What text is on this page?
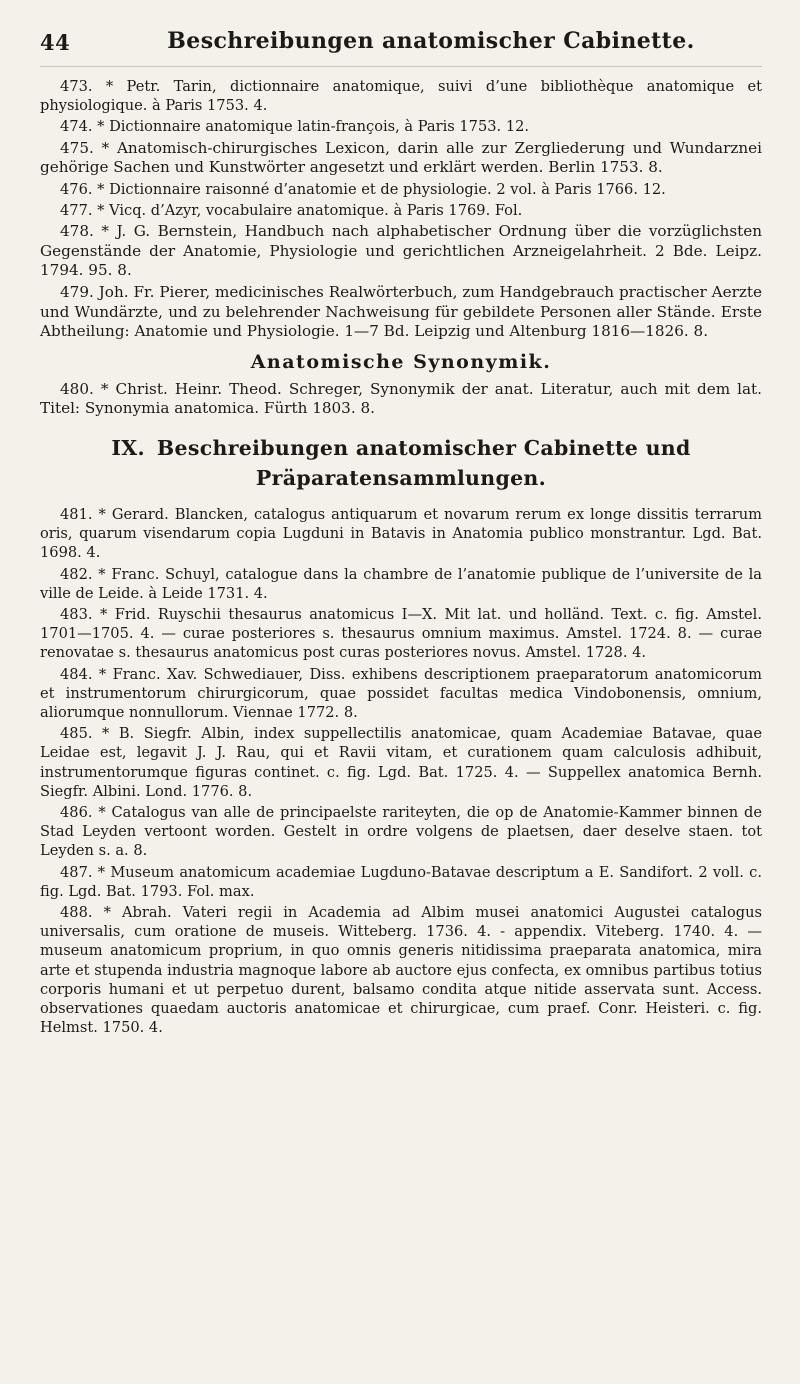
44	Beschreibungen anatomischer Cabinette.

473. * Petr. Tarin, dictionnaire anatomique, suivi d’une bibliothèque anatomique et physiologique. à Paris 1753. 4.

474. * Dictionnaire anatomique latin-françois, à Paris 1753. 12.

475. * Anatomisch-chirurgisches Lexicon, darin alle zur Zergliederung und Wundarznei gehörige Sachen und Kunstwörter angesetzt und erklärt werden. Berlin 1753. 8.

476. * Dictionnaire raisonné d’anatomie et de physiologie. 2 vol. à Paris 1766. 12.

477. * Vicq. d’Azyr, vocabulaire anatomique. à Paris 1769. Fol.

478. * J. G. Bernstein, Handbuch nach alphabetischer Ordnung über die vorzüglichsten Gegenstände der Anatomie, Physiologie und gerichtlichen Arzneigelahrheit. 2 Bde. Leipz. 1794. 95. 8.

479. Joh. Fr. Pierer, medicinisches Realwörterbuch, zum Handgebrauch practischer Aerzte und Wundärzte, und zu belehrender Nachweisung für gebildete Personen aller Stände. Erste Abtheilung: Anatomie und Physiologie. 1—7 Bd. Leipzig und Altenburg 1816—1826. 8.

Anatomische Synonymik.

480. * Christ. Heinr. Theod. Schreger, Synonymik der anat. Literatur, auch mit dem lat. Titel: Synonymia anatomica. Fürth 1803. 8.

IX. Beschreibungen anatomischer Cabinette und Präparatensammlungen.

481. * Gerard. Blancken, catalogus antiquarum et novarum rerum ex longe dissitis terrarum oris, quarum visendarum copia Lugduni in Batavis in Anatomia publico monstrantur. Lgd. Bat. 1698. 4.

482. * Franc. Schuyl, catalogue dans la chambre de l’anatomie publique de l’universite de la ville de Leide. à Leide 1731. 4.

483. * Frid. Ruyschii thesaurus anatomicus I—X. Mit lat. und holländ. Text. c. fig. Amstel. 1701—1705. 4. — curae posteriores s. thesaurus omnium maximus. Amstel. 1724. 8. — curae renovatae s. thesaurus anatomicus post curas posteriores novus. Amstel. 1728. 4.

484. * Franc. Xav. Schwediauer, Diss. exhibens descriptionem praeparatorum anatomicorum et instrumentorum chirurgicorum, quae possidet facultas medica Vindobonensis, omnium, aliorumque nonnullorum. Viennae 1772. 8.

485. * B. Siegfr. Albin, index suppellectilis anatomicae, quam Academiae Batavae, quae Leidae est, legavit J. J. Rau, qui et Ravii vitam, et curationem quam calculosis adhibuit, instrumentorumque figuras continet. c. fig. Lgd. Bat. 1725. 4. — Suppellex anatomica Bernh. Siegfr. Albini. Lond. 1776. 8.

486. * Catalogus van alle de principaelste rariteyten, die op de Anatomie-Kammer binnen de Stad Leyden vertoont worden. Gestelt in ordre volgens de plaetsen, daer deselve staen. tot Leyden s. a. 8.

487. * Museum anatomicum academiae Lugduno-Batavae descriptum a E. Sandifort. 2 voll. c. fig. Lgd. Bat. 1793. Fol. max.

488. * Abrah. Vateri regii in Academia ad Albim musei anatomici Augustei catalogus universalis, cum oratione de museis. Witteberg. 1736. 4. - appendix. Viteberg. 1740. 4. — museum anatomicum proprium, in quo omnis generis nitidissima praeparata anatomica, mira arte et stupenda industria magnoque labore ab auctore ejus confecta, ex omnibus partibus totius corporis humani et ut perpetuo durent, balsamo condita atque nitide asservata sunt. Access. observationes quaedam auctoris anatomicae et chirurgicae, cum praef. Conr. Heisteri. c. fig. Helmst. 1750. 4.
